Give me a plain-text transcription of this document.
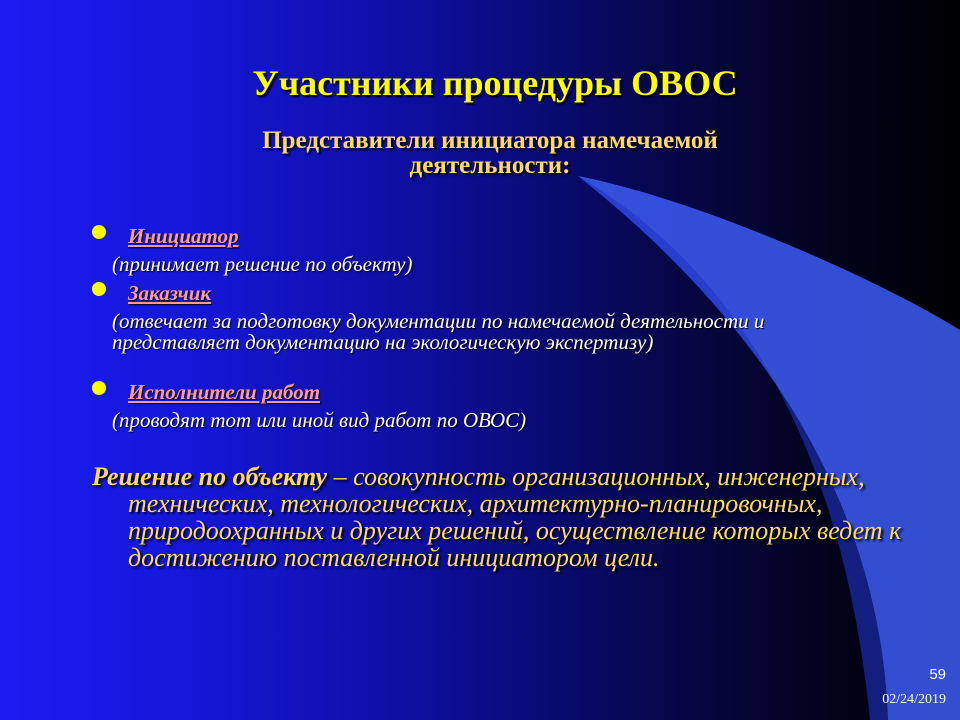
Участники процедуры ОВОС
Представители инициатора намечаемой
деятельности:
Инициатор
(принимает решение по объекту)
Заказчик
(отвечает за подготовку документации по намечаемой деятельности и представляет документацию на экологическую экспертизу)
Исполнители работ
(проводят тот или иной вид работ по ОВОС)
Решение по объекту – совокупность организационных, инженерных, технических, технологических, архитектурно-планировочных, природоохранных и других решений, осуществление которых ведет к достижению поставленной инициатором цели.
59
02/24/2019
